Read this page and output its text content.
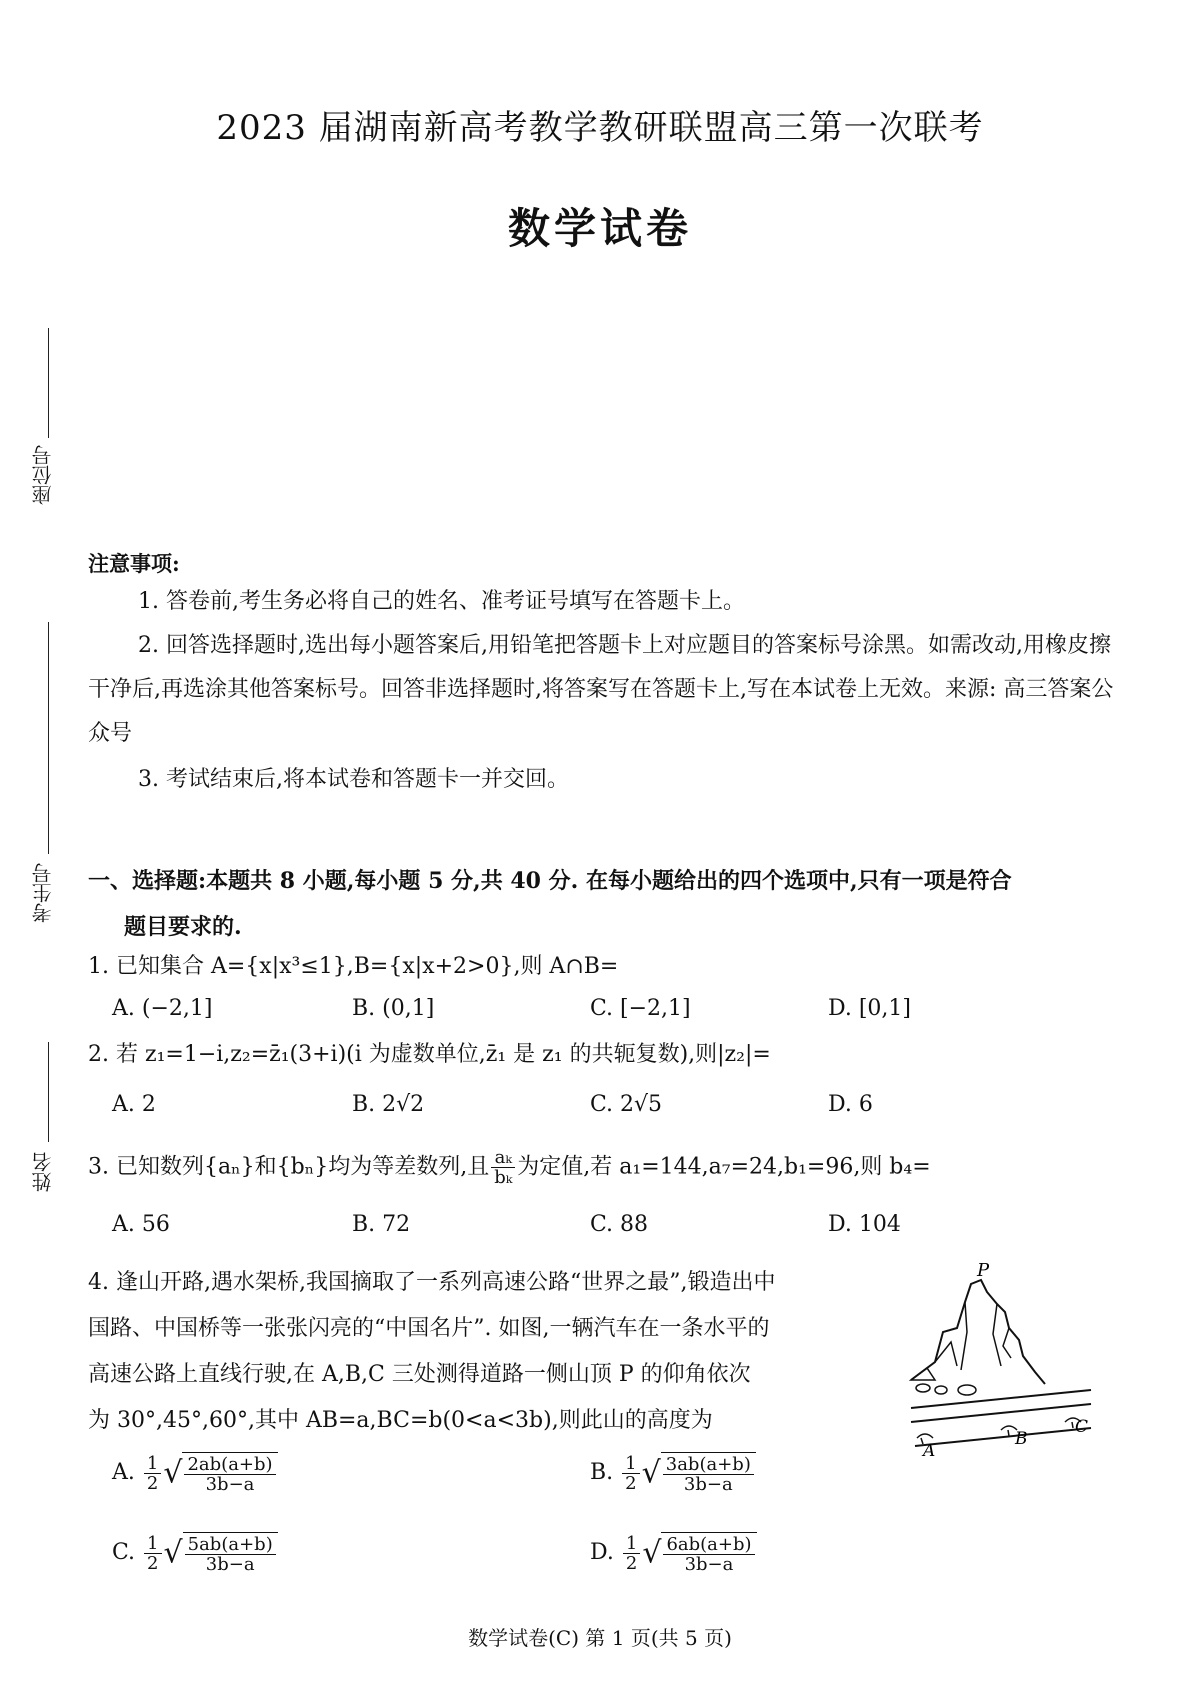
2023 届湖南新高考教学教研联盟高三第一次联考
数学试卷
座位号
考生号
姓名
注意事项:
1. 答卷前,考生务必将自己的姓名、准考证号填写在答题卡上。
2. 回答选择题时,选出每小题答案后,用铅笔把答题卡上对应题目的答案标号涂黑。如需改动,用橡皮擦干净后,再选涂其他答案标号。回答非选择题时,将答案写在答题卡上,写在本试卷上无效。来源: 高三答案公众号
3. 考试结束后,将本试卷和答题卡一并交回。
一、选择题:本题共 8 小题,每小题 5 分,共 40 分. 在每小题给出的四个选项中,只有一项是符合
题目要求的.
1. 已知集合 A={x|x³≤1},B={x|x+2>0},则 A∩B=
A. (−2,1]	B. (0,1]	C. [−2,1]	D. [0,1]
2. 若 z₁=1−i,z₂=z̄₁(3+i)(i 为虚数单位,z̄₁ 是 z₁ 的共轭复数),则|z₂|=
A. 2	B. 2√2	C. 2√5	D. 6
3. 已知数列{aₙ}和{bₙ}均为等差数列,且 $\frac{\text{aₖ}}{\text{bₖ}}$ 为定值,若 a₁=144,a₇=24,b₁=96,则 b₄=
A. 56	B. 72	C. 88	D. 104
4. 逢山开路,遇水架桥,我国摘取了一系列高速公路“世界之最”,锻造出中
国路、中国桥等一张张闪亮的“中国名片”. 如图,一辆汽车在一条水平的
高速公路上直线行驶,在 A,B,C 三处测得道路一侧山顶 P 的仰角依次
为 30°,45°,60°,其中 AB=a,BC=b(0<a<3b),则此山的高度为
P
A
B
C
A. $\frac{1}{2}$ √ $\frac{2ab(a+b)}{3b-a}$	B. $\frac{1}{2}$ √ $\frac{3ab(a+b)}{3b-a}$
C. $\frac{1}{2}$ √ $\frac{5ab(a+b)}{3b-a}$	D. $\frac{1}{2}$ √ $\frac{6ab(a+b)}{3b-a}$
数学试卷(C) 第 1 页(共 5 页)
